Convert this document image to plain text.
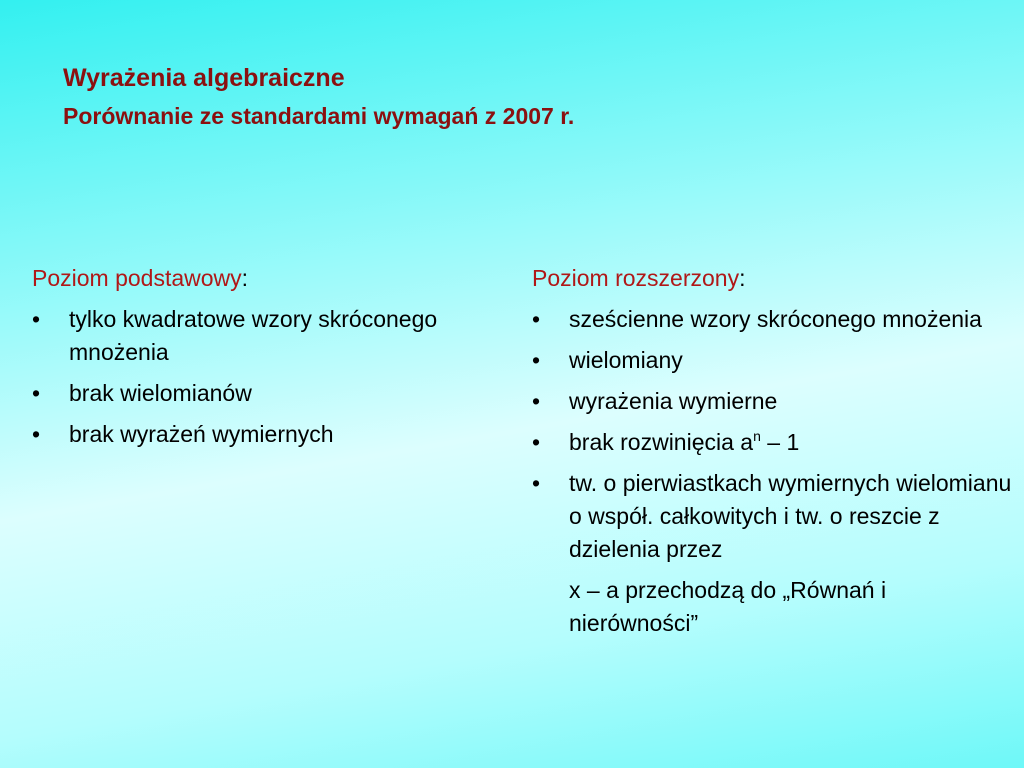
Wyrażenia algebraiczne
Porównanie ze standardami wymagań z 2007 r.

Poziom podstawowy:

• tylko kwadratowe wzory skróconego mnożenia
• brak wielomianów
• brak wyrażeń wymiernych

Poziom rozszerzony:

• sześcienne wzory skróconego mnożenia
• wielomiany
• wyrażenia wymierne
• brak rozwinięcia $a^n - 1$
• tw. o pierwiastkach wymiernych wielomianu o współ. całkowitych i tw. o reszcie z dzielenia przez
x – a przechodzą do „Równań i nierówności”
